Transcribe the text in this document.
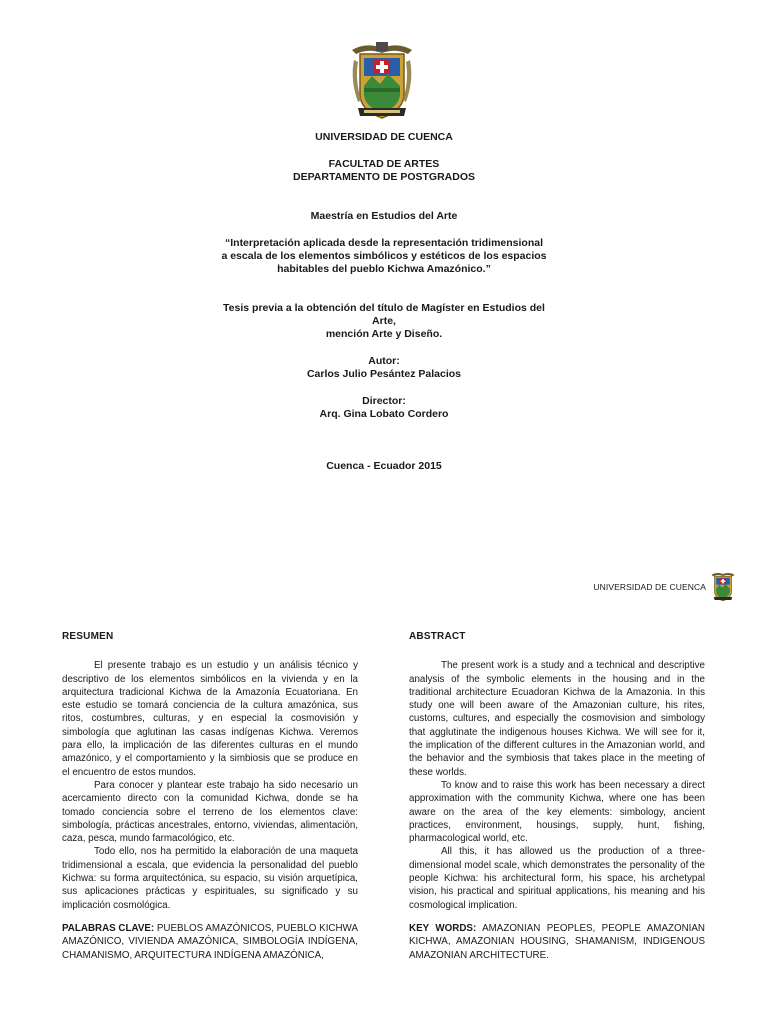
UNIVERSIDAD DE CUENCA
FACULTAD DE ARTES
DEPARTAMENTO DE POSTGRADOS
Maestría en Estudios del Arte
“Interpretación aplicada desde la representación tridimensional
a escala de los elementos simbólicos y estéticos de los espacios
habitables del pueblo Kichwa Amazónico.”
Tesis previa a la obtención del título de Magíster en Estudios del
Arte,
mención Arte y Diseño.
Autor:
Carlos Julio Pesántez Palacios
Director:
Arq. Gina Lobato Cordero
Cuenca - Ecuador 2015
UNIVERSIDAD DE CUENCA
RESUMEN

El presente trabajo es un estudio y un análisis técnico y descriptivo de los elementos simbólicos en la vivienda y en la arquitectura tradicional Kichwa de la Amazonía Ecuatoriana. En este estudio se tomará conciencia de la cultura amazónica, sus ritos, costumbres, culturas, y en especial la cosmovisión y simbología que aglutinan las casas indígenas Kichwa. Veremos para ello, la implicación de las diferentes culturas en el mundo amazónico, y el comportamiento y la simbiosis que se produce en el encuentro de estos mundos.

Para conocer y plantear este trabajo ha sido necesario un acercamiento directo con la comunidad Kichwa, donde se ha tomado conciencia sobre el terreno de los elementos clave: simbología, prácticas ancestrales, entorno, viviendas, alimentación, caza, pesca, mundo farmacológico, etc.

Todo ello, nos ha permitido la elaboración de una maqueta tridimensional a escala, que evidencia la personalidad del pueblo Kichwa: su forma arquitectónica, su espacio, su visión arquetípica, sus aplicaciones prácticas y espirituales, su significado y su implicación cosmológica.

PALABRAS CLAVE: PUEBLOS AMAZÓNICOS, PUEBLO KICHWA AMAZÓNICO, VIVIENDA AMAZÓNICA, SIMBOLOGÍA INDÍGENA, CHAMANISMO, ARQUITECTURA INDÍGENA AMAZÓNICA,

ABSTRACT

The present work is a study and a technical and descriptive analysis of the symbolic elements in the housing and in the traditional architecture Ecuadoran Kichwa de la Amazonia. In this study one will been aware of the Amazonian culture, his rites, customs, cultures, and especially the cosmovision and simbology that agglutinate the indigenous houses Kichwa. We will see for it, the implication of the different cultures in the Amazonian world, and the behavior and the symbiosis that takes place in the meeting of these worlds.

To know and to raise this work has been necessary a direct approximation with the community Kichwa, where one has been aware on the area of the key elements: simbology, ancient practices, environment, housings, supply, hunt, fishing, pharmacological world, etc.

All this, it has allowed us the production of a three-dimensional model scale, which demonstrates the personality of the people Kichwa: his architectural form, his space, his archetypal vision, his practical and spiritual applications, his meaning and his cosmological implication.

KEY WORDS: AMAZONIAN PEOPLES, PEOPLE AMAZONIAN KICHWA, AMAZONIAN HOUSING, SHAMANISM, INDIGENOUS AMAZONIAN ARCHITECTURE.
